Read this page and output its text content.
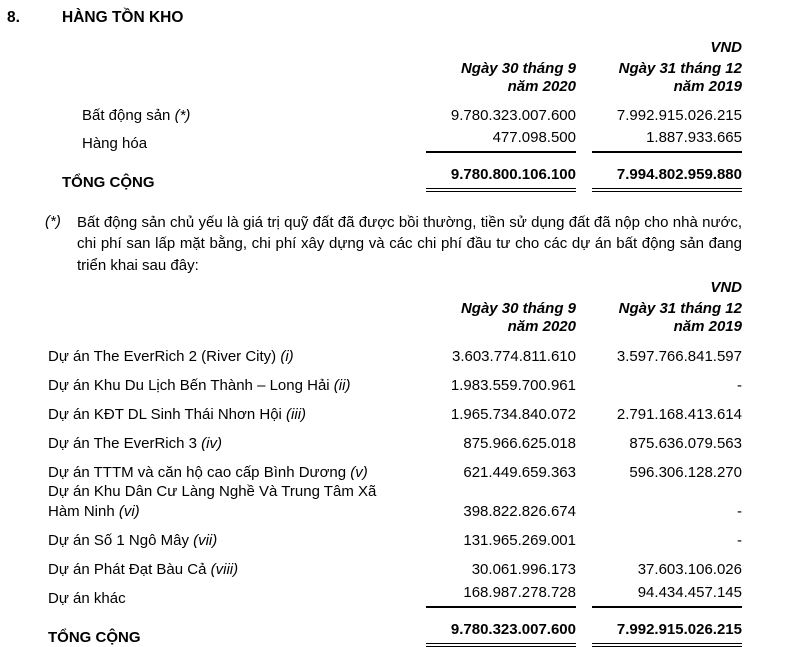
8.	HÀNG TỒN KHO
VND
Ngày 30 tháng 9
năm 2020
Ngày 31 tháng 12
năm 2019
Bất động sản (*)	9.780.323.007.600	7.992.915.026.215
Hàng hóa	477.098.500	1.887.933.665
TỔNG CỘNG	9.780.800.106.100	7.994.802.959.880
(*)	Bất động sản chủ yếu là giá trị quỹ đất đã được bồi thường, tiền sử dụng đất đã nộp cho nhà nước, chi phí san lấp mặt bằng, chi phí xây dựng và các chi phí đầu tư cho các dự án bất động sản đang triển khai sau đây:
VND
Ngày 30 tháng 9
năm 2020
Ngày 31 tháng 12
năm 2019
Dự án The EverRich 2 (River City) (i)	3.603.774.811.610	3.597.766.841.597
Dự án Khu Du Lịch Bến Thành – Long Hải (ii)	1.983.559.700.961	-
Dự án KĐT DL Sinh Thái Nhơn Hội (iii)	1.965.734.840.072	2.791.168.413.614
Dự án The EverRich 3 (iv)	875.966.625.018	875.636.079.563
Dự án TTTM và căn hộ cao cấp Bình Dương (v)	621.449.659.363	596.306.128.270
Dự án Khu Dân Cư Làng Nghề Và Trung Tâm Xã Hàm Ninh (vi)	398.822.826.674	-
Dự án Số 1 Ngô Mây (vii)	131.965.269.001	-
Dự án Phát Đạt Bàu Cả (viii)	30.061.996.173	37.603.106.026
Dự án khác	168.987.278.728	94.434.457.145
TỔNG CỘNG	9.780.323.007.600	7.992.915.026.215
